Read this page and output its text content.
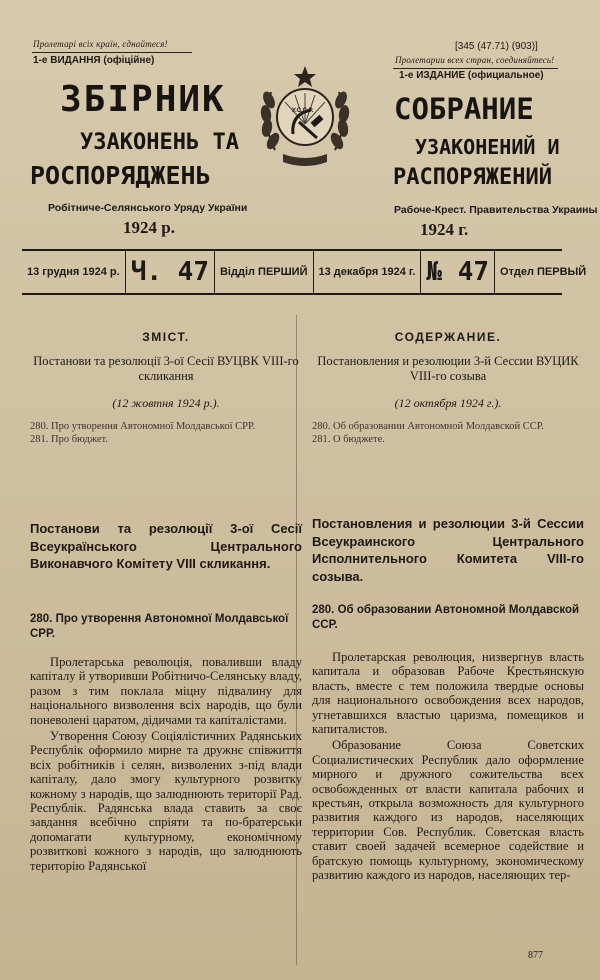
Пролетарі всіх країн, єднайтеся!
1-е ВИДАННЯ (офіційне)
ЗБІРНИК
УЗАКОНЕНЬ ТА
РОСПОРЯДЖЕНЬ
Робітниче-Селянського Уряду України
1924 р.
У.С.С.Р.
[345 (47.71) (903)]
Пролетарии всех стран, соединяйтесь!
1-е ИЗДАНИЕ (официальное)
СОБРАНИЕ
УЗАКОНЕНИЙ И
РАСПОРЯЖЕНИЙ
Рабоче-Крест. Правительства Украины
1924 г.
13 грудня 1924 р. Ч. 47	Відділ ПЕРШИЙ	13 декабря 1924 г. № 47	Отдел ПЕРВЫЙ
ЗМІСТ.
Постанови та резолюції 3-ої Сесії ВУЦВК VIII-го скликання
(12 жовтня 1924 р.).
280. Про утворення Автономної Молдавської СРР.
281. Про бюджет.
СОДЕРЖАНИЕ.
Постановления и резолюции 3-й Сессии ВУЦИК VIII-го созыва
(12 октября 1924 г.).
280. Об образовании Автономной Молдавской ССР.
281. О бюджете.
Постанови та резолюції 3-ої Сесії Всеукраїнського Центрального Виконавчого Комітету VIII скликання.
Постановления и резолюции 3-й Сессии Всеукраинского Центрального Исполнительного Комитета VIII-го созыва.
280. Про утворення Автономної Молдавської СРР.
280. Об образовании Автономной Молдавской ССР.

Пролетарська революція, поваливши владу капіталу й утворивши Робітничо-Селянську владу, разом з тим поклала міцну підвалину для національного визволення всіх народів, що були поневолені царатом, дідичами та капіталістами.

Утворення Союзу Соціялістичних Радянських Республік оформило мирне та дружнє співжиття всіх робітників і селян, визволених з-під влади капіталу, дало змогу культурного розвитку кожному з народів, що залюднюють території Рад. Республік. Радянська влада ставить за своє завдання всебічно спріяти та по-братерськи допомагати культурному, економічному розвиткові кожного з народів, що залюднюють територію Радянської

Пролетарская революция, низвергнув власть капитала и образовав Рабоче Крестьянскую власть, вместе с тем положила твердые основы для национального освобождения всех народов, угнетавшихся властью царизма, помещиков и капиталистов.

Образование Союза Советских Социалистических Республик дало оформление мирного и дружного сожительства всех освобожденных от власти капитала рабочих и крестьян, открыла возможность для культурного развития каждого из народов, населяющих территории Сов. Республик. Советская власть ставит своей задачей всемерное содействие и братскую помощь культурному, экономическому развитию каждого из народов, населяющих тер-

877
